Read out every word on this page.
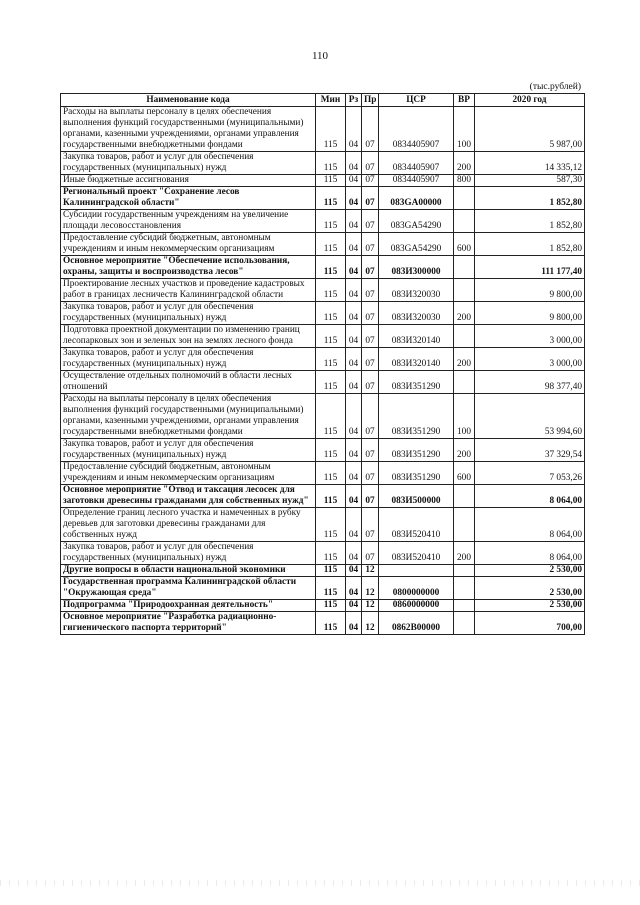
110
(тыс.рублей)
Наименование кода	Мин	Рз	Пр	ЦСР	ВР	2020 год
Расходы на выплаты персоналу в целях обеспечения выполнения функций государственными (муниципальными) органами, казенными учреждениями, органами управления государственными внебюджетными фондами	115	04	07	0834405907	100	5 987,00
Закупка товаров, работ и услуг для обеспечения государственных (муниципальных) нужд	115	04	07	0834405907	200	14 335,12
Иные бюджетные ассигнования	115	04	07	0834405907	800	587,30
Региональный проект "Сохранение лесов Калининградской области"	115	04	07	083GA00000		1 852,80
Субсидии государственным учреждениям на увеличение площади лесовосстановления	115	04	07	083GA54290		1 852,80
Предоставление субсидий бюджетным, автономным учреждениям и иным некоммерческим организациям	115	04	07	083GA54290	600	1 852,80
Основное мероприятие "Обеспечение использования, охраны, защиты и воспроизводства лесов"	115	04	07	083И300000		111 177,40
Проектирование лесных участков и проведение кадастровых работ в границах лесничеств Калининградской области	115	04	07	083И320030		9 800,00
Закупка товаров, работ и услуг для обеспечения государственных (муниципальных) нужд	115	04	07	083И320030	200	9 800,00
Подготовка проектной документации по изменению границ лесопарковых зон и зеленых зон на землях лесного фонда	115	04	07	083И320140		3 000,00
Закупка товаров, работ и услуг для обеспечения государственных (муниципальных) нужд	115	04	07	083И320140	200	3 000,00
Осуществление отдельных полномочий в области лесных отношений	115	04	07	083И351290		98 377,40
Расходы на выплаты персоналу в целях обеспечения выполнения функций государственными (муниципальными) органами, казенными учреждениями, органами управления государственными внебюджетными фондами	115	04	07	083И351290	100	53 994,60
Закупка товаров, работ и услуг для обеспечения государственных (муниципальных) нужд	115	04	07	083И351290	200	37 329,54
Предоставление субсидий бюджетным, автономным учреждениям и иным некоммерческим организациям	115	04	07	083И351290	600	7 053,26
Основное мероприятие "Отвод и таксация лесосек для заготовки древесины гражданами для собственных нужд"	115	04	07	083И500000		8 064,00
Определение границ лесного участка и намеченных в рубку деревьев для заготовки древесины гражданами для собственных нужд	115	04	07	083И520410		8 064,00
Закупка товаров, работ и услуг для обеспечения государственных (муниципальных) нужд	115	04	07	083И520410	200	8 064,00
Другие вопросы в области национальной экономики	115	04	12			2 530,00
Государственная программа Калининградской области "Окружающая среда"	115	04	12	0800000000		2 530,00
Подпрограмма "Природоохранная деятельность"	115	04	12	0860000000		2 530,00
Основное мероприятие "Разработка радиационно-гигиенического паспорта территорий"	115	04	12	0862В00000		700,00
